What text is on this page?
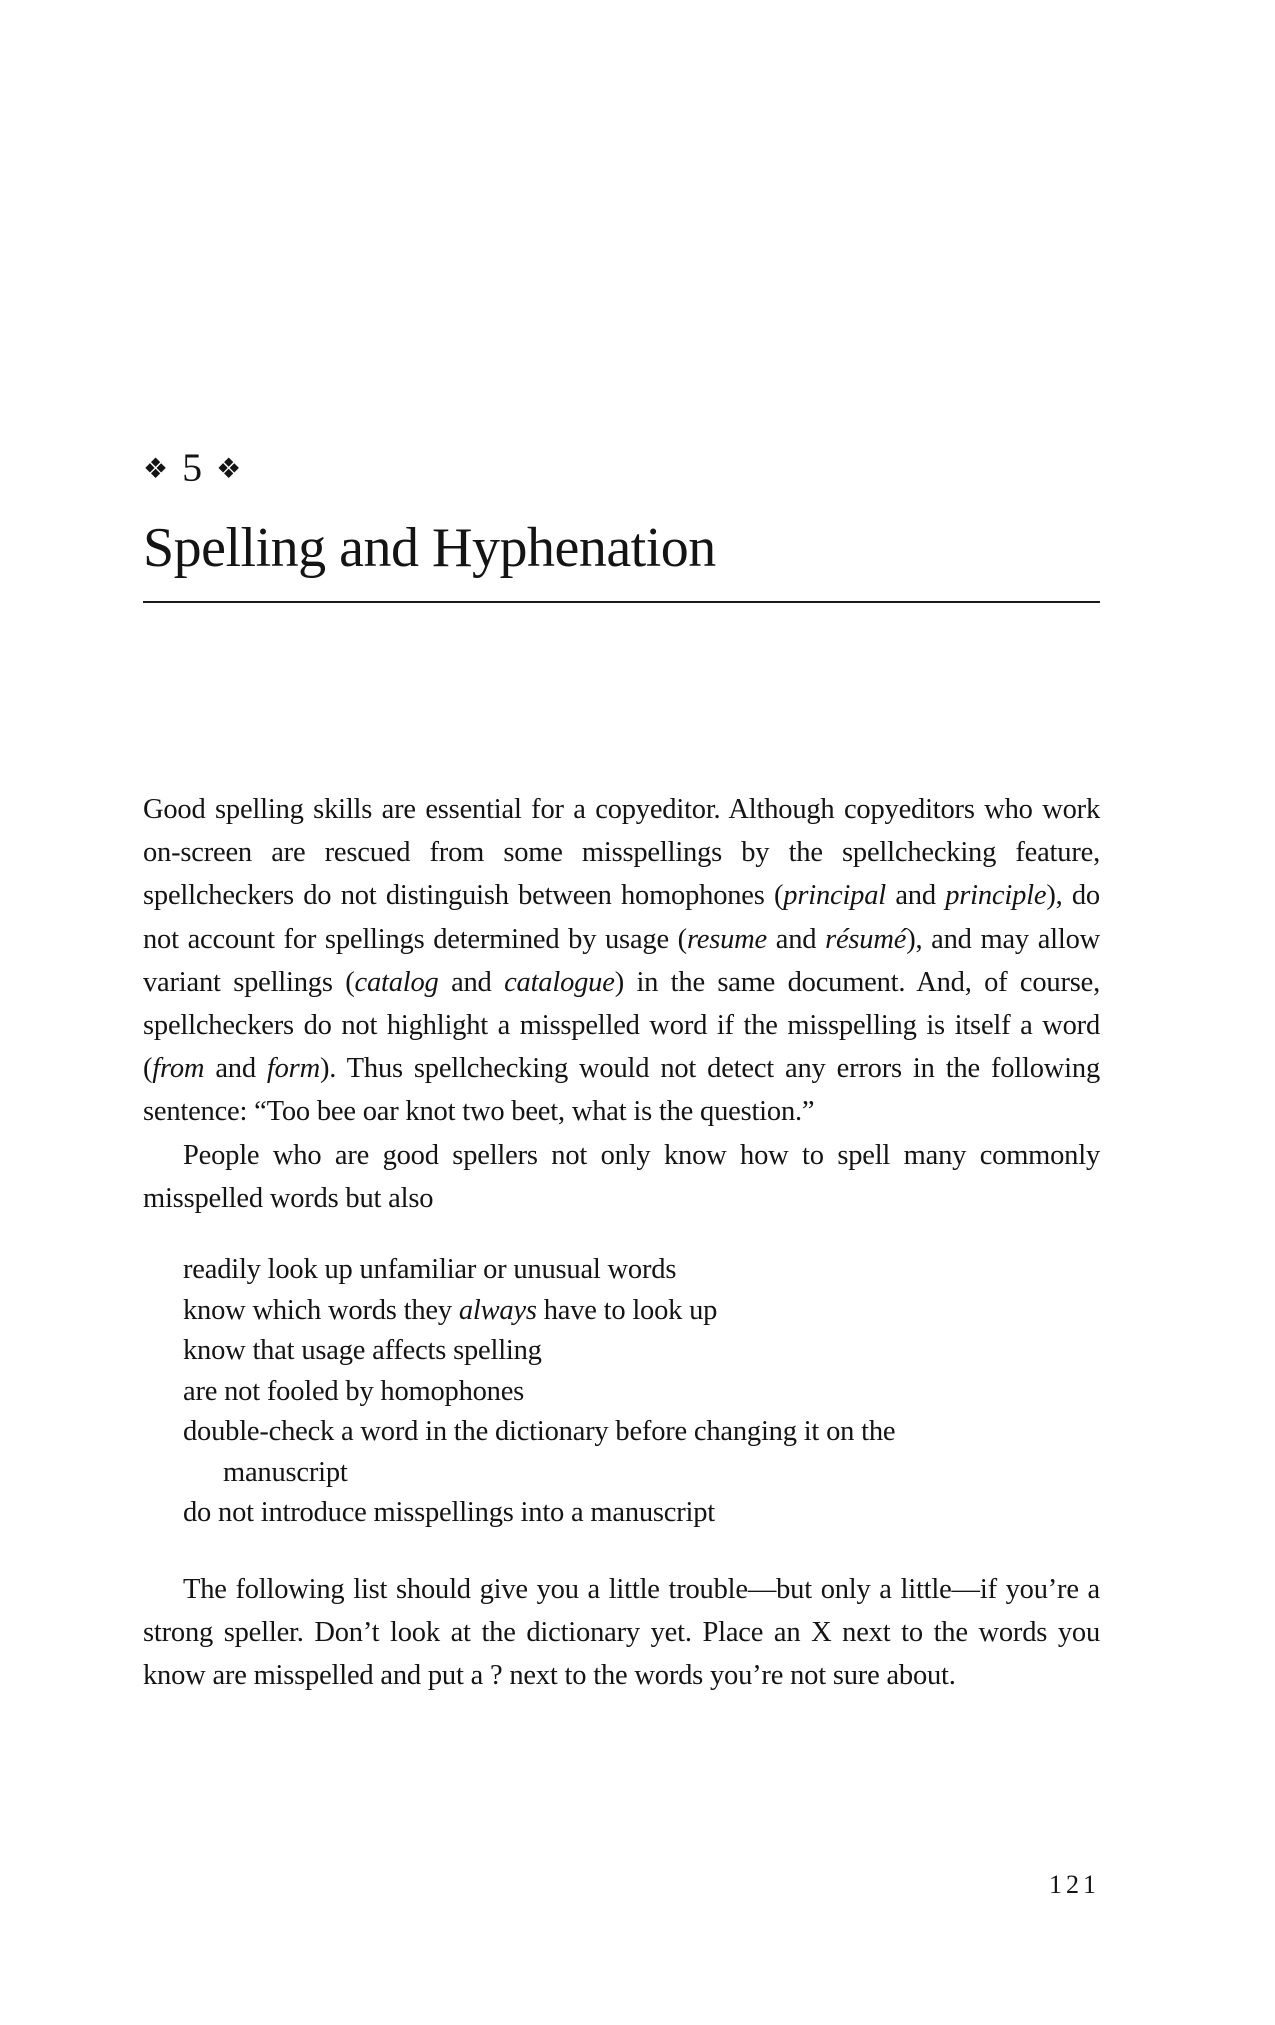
❖ 5 ❖
Spelling and Hyphenation

Good spelling skills are essential for a copyeditor. Although copyeditors who work on-screen are rescued from some misspellings by the spellchecking feature, spellcheckers do not distinguish between homophones (principal and principle), do not account for spellings determined by usage (resume and résumé), and may allow variant spellings (catalog and catalogue) in the same document. And, of course, spellcheckers do not highlight a misspelled word if the misspelling is itself a word (from and form). Thus spellchecking would not detect any errors in the following sentence: “Too bee oar knot two beet, what is the question.”

People who are good spellers not only know how to spell many commonly misspelled words but also

readily look up unfamiliar or unusual words
know which words they always have to look up
know that usage affects spelling
are not fooled by homophones
double-check a word in the dictionary before changing it on the manuscript
do not introduce misspellings into a manuscript

The following list should give you a little trouble—but only a little—if you’re a strong speller. Don’t look at the dictionary yet. Place an X next to the words you know are misspelled and put a ? next to the words you’re not sure about.

121
